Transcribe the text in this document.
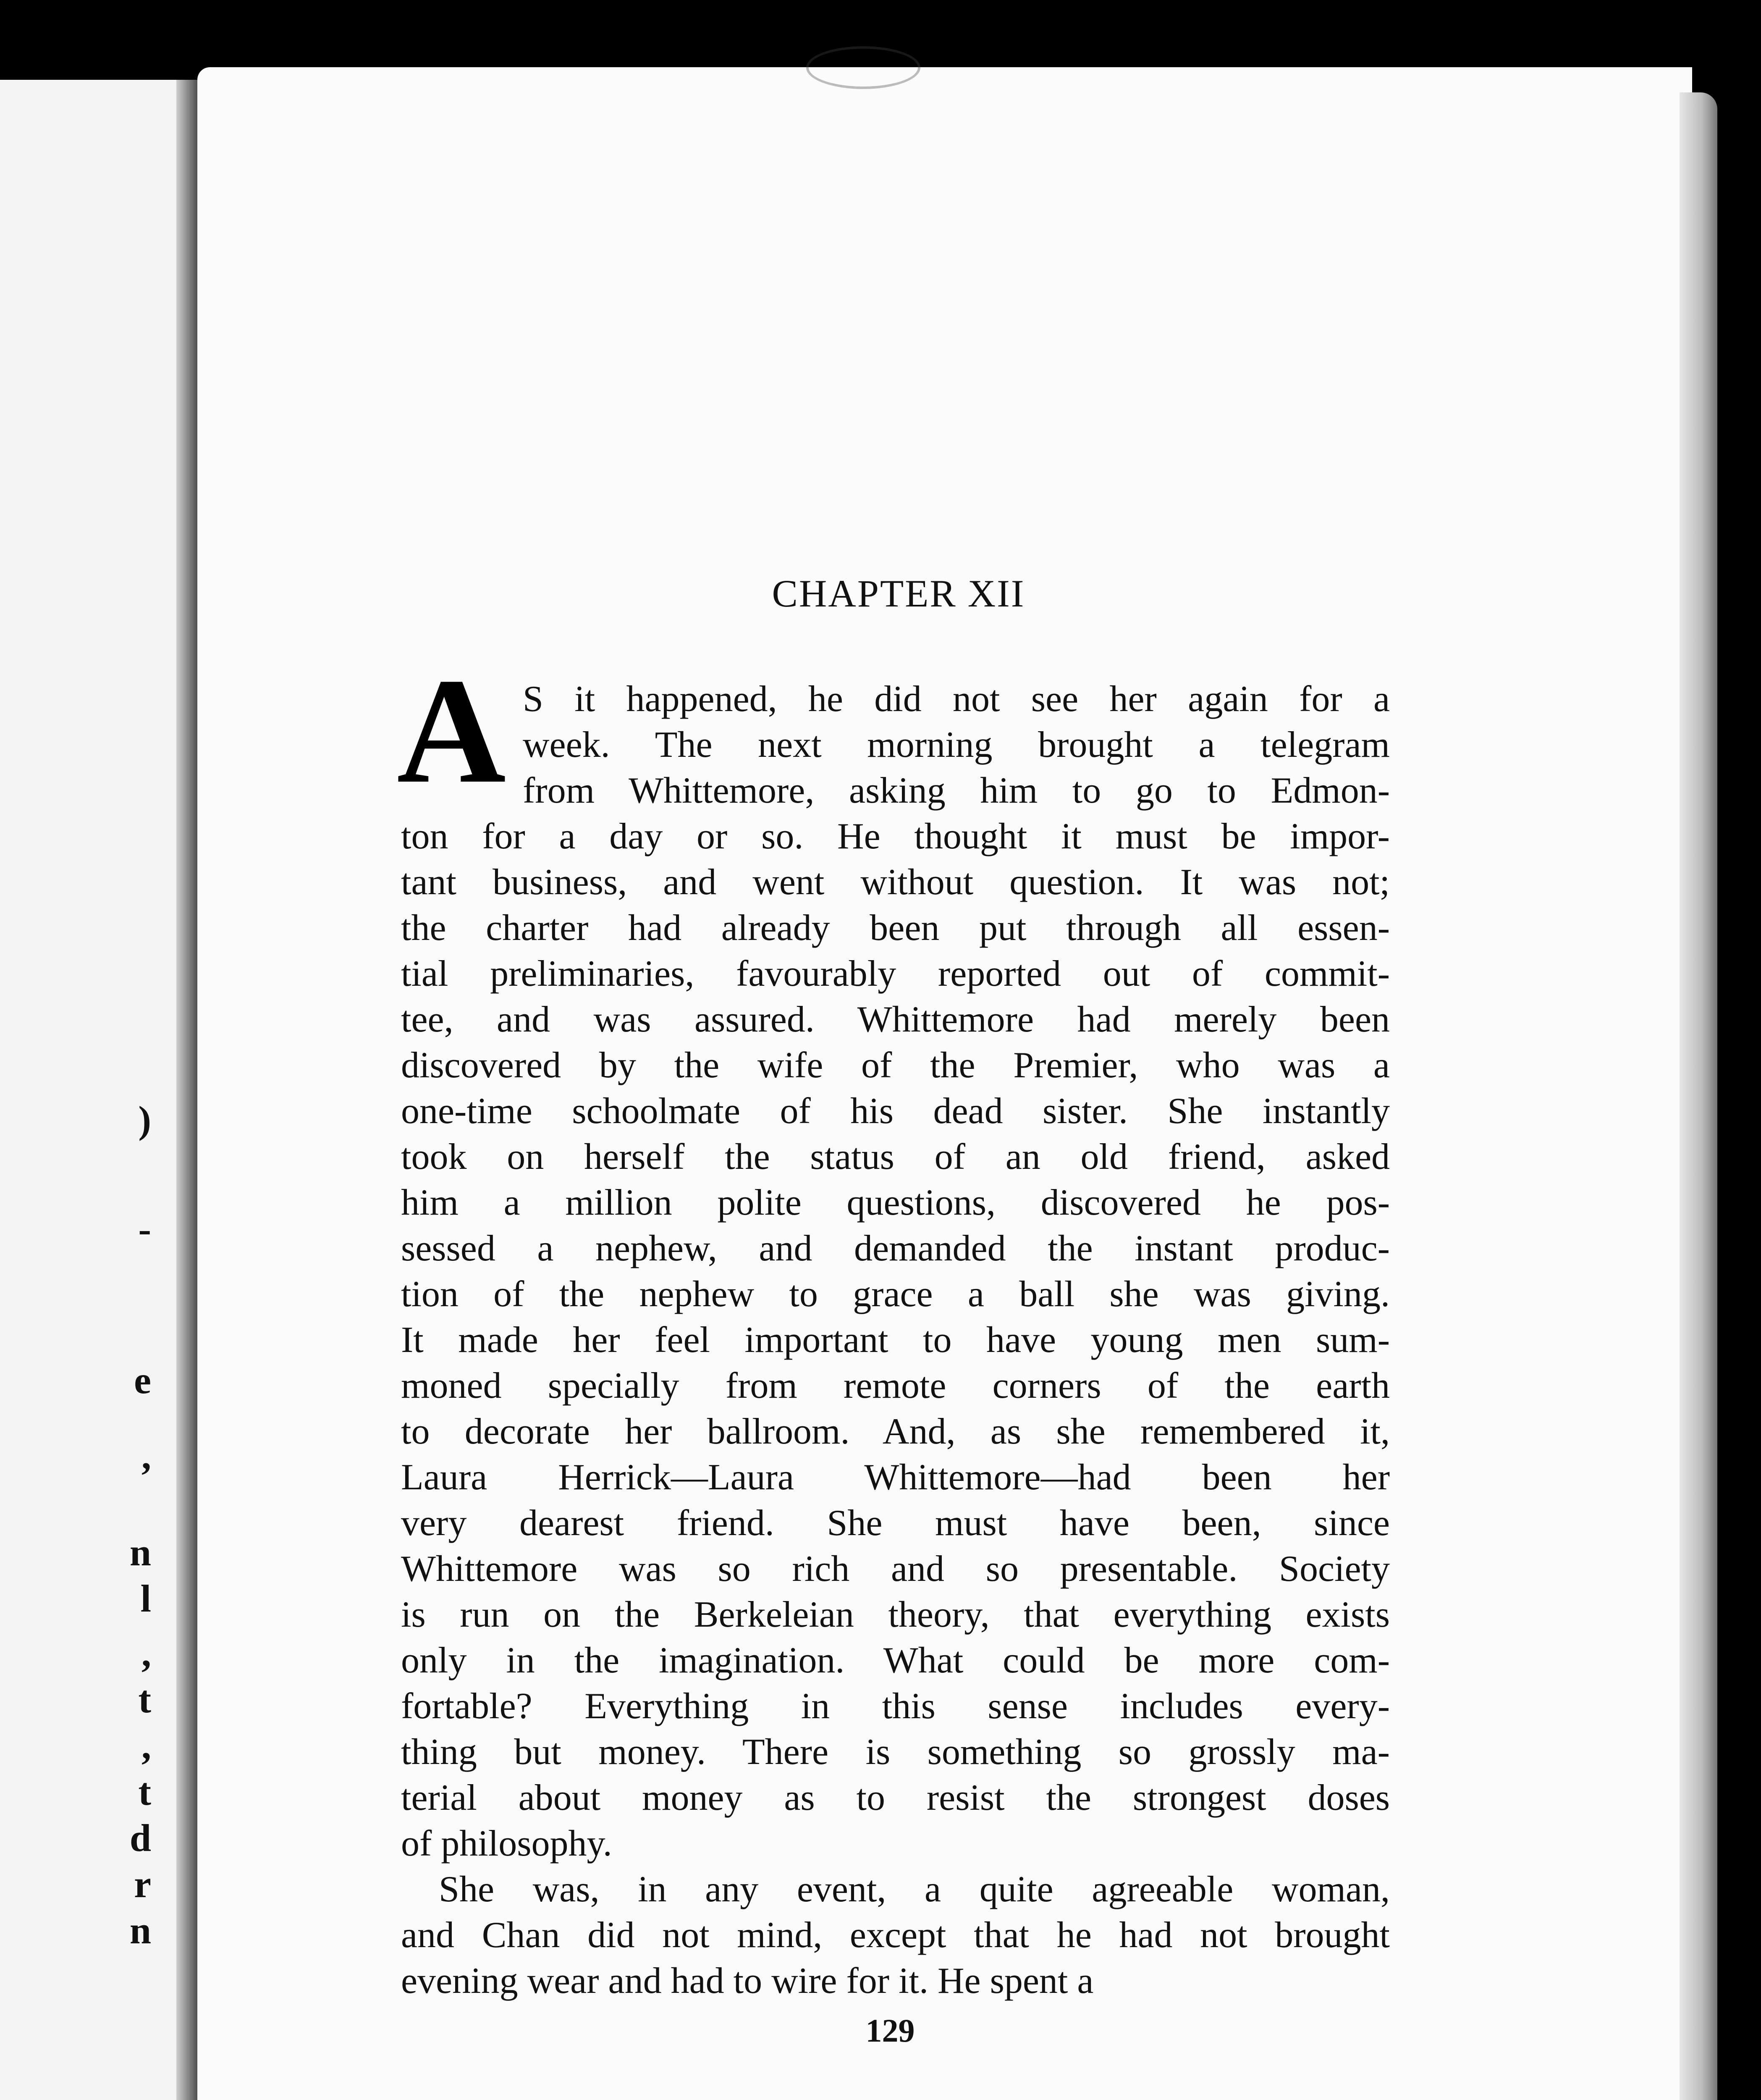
)
-
e
,
n
l
,
t
,
t
d
r
n
CHAPTER XII
A S it happened, he did not see her again for a
week. The next morning brought a telegram
from Whittemore, asking him to go to Edmon-
ton for a day or so. He thought it must be impor-
tant business, and went without question. It was not;
the charter had already been put through all essen-
tial preliminaries, favourably reported out of commit-
tee, and was assured. Whittemore had merely been
discovered by the wife of the Premier, who was a
one-time schoolmate of his dead sister. She instantly
took on herself the status of an old friend, asked
him a million polite questions, discovered he pos-
sessed a nephew, and demanded the instant produc-
tion of the nephew to grace a ball she was giving.
It made her feel important to have young men sum-
moned specially from remote corners of the earth
to decorate her ballroom. And, as she remembered it,
Laura Herrick—Laura Whittemore—had been her
very dearest friend. She must have been, since
Whittemore was so rich and so presentable. Society
is run on the Berkeleian theory, that everything exists
only in the imagination. What could be more com-
fortable? Everything in this sense includes every-
thing but money. There is something so grossly ma-
terial about money as to resist the strongest doses
of philosophy.
She was, in any event, a quite agreeable woman,
and Chan did not mind, except that he had not brought
evening wear and had to wire for it. He spent a
129
